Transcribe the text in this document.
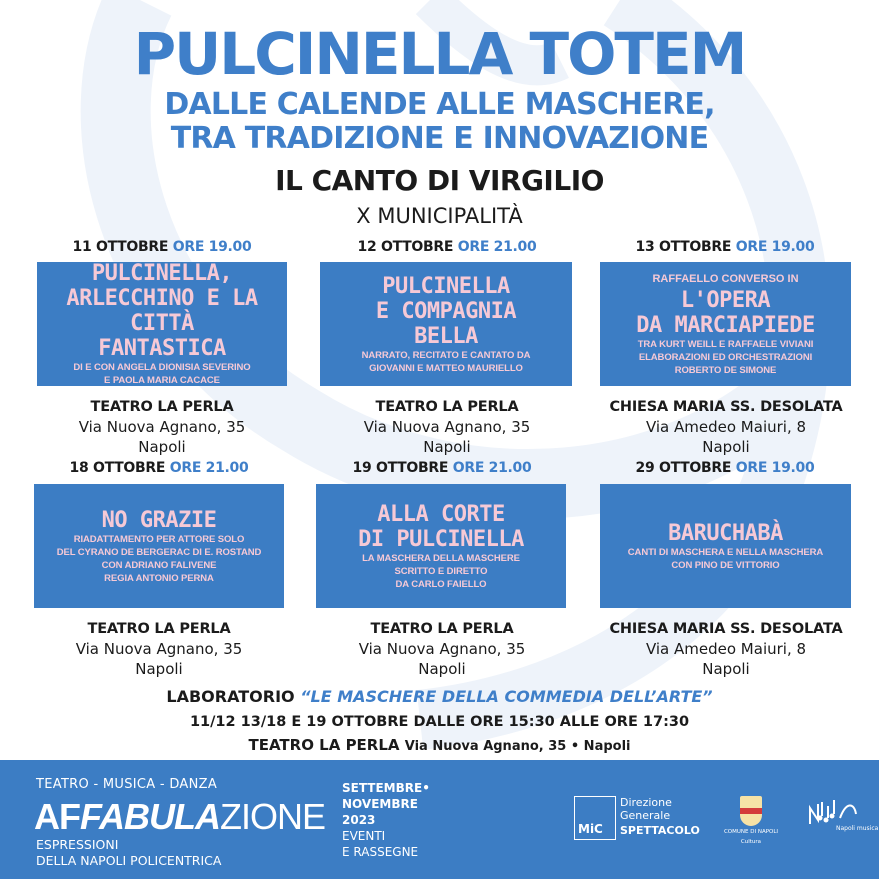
PULCINELLA TOTEM
DALLE CALENDE ALLE MASCHERE,
TRA TRADIZIONE E INNOVAZIONE
IL CANTO DI VIRGILIO
X MUNICIPALITÀ
11 OTTOBRE ORE 19.00
PULCINELLA,
ARLECCHINO E LA CITTÀ
FANTASTICA
DI E CON ANGELA DIONISIA SEVERINO
E PAOLA MARIA CACACE
TEATRO LA PERLA
Via Nuova Agnano, 35
Napoli
12 OTTOBRE ORE 21.00
PULCINELLA
E COMPAGNIA
BELLA
NARRATO, RECITATO E CANTATO DA
GIOVANNI E MATTEO MAURIELLO
TEATRO LA PERLA
Via Nuova Agnano, 35
Napoli
13 OTTOBRE ORE 19.00
RAFFAELLO CONVERSO IN
L'OPERA
DA MARCIAPIEDE
TRA KURT WEILL E RAFFAELE VIVIANI
ELABORAZIONI ED ORCHESTRAZIONI
ROBERTO DE SIMONE
CHIESA MARIA SS. DESOLATA
Via Amedeo Maiuri, 8
Napoli
18 OTTOBRE ORE 21.00
NO GRAZIE
RIADATTAMENTO PER ATTORE SOLO
DEL CYRANO DE BERGERAC DI E. ROSTAND
CON ADRIANO FALIVENE
REGIA ANTONIO PERNA
TEATRO LA PERLA
Via Nuova Agnano, 35
Napoli
19 OTTOBRE ORE 21.00
ALLA CORTE
DI PULCINELLA
LA MASCHERA DELLA MASCHERE
SCRITTO E DIRETTO
DA CARLO FAIELLO
TEATRO LA PERLA
Via Nuova Agnano, 35
Napoli
29 OTTOBRE ORE 19.00
BARUCHABÀ
CANTI DI MASCHERA E NELLA MASCHERA
CON PINO DE VITTORIO
CHIESA MARIA SS. DESOLATA
Via Amedeo Maiuri, 8
Napoli
LABORATORIO “LE MASCHERE DELLA COMMEDIA DELL’ARTE”
11/12 13/18 E 19 OTTOBRE DALLE ORE 15:30 ALLE ORE 17:30
TEATRO LA PERLA Via Nuova Agnano, 35 • Napoli
TEATRO - MUSICA - DANZA
AFFABULAZIONE
ESPRESSIONI
DELLA NAPOLI POLICENTRICA
SETTEMBRE•
NOVEMBRE
2023
EVENTI
E RASSEGNE
MiC
Direzione
Generale
SPETTACOLO	COMUNE DI NAPOLI
Cultura
Napoli musica
